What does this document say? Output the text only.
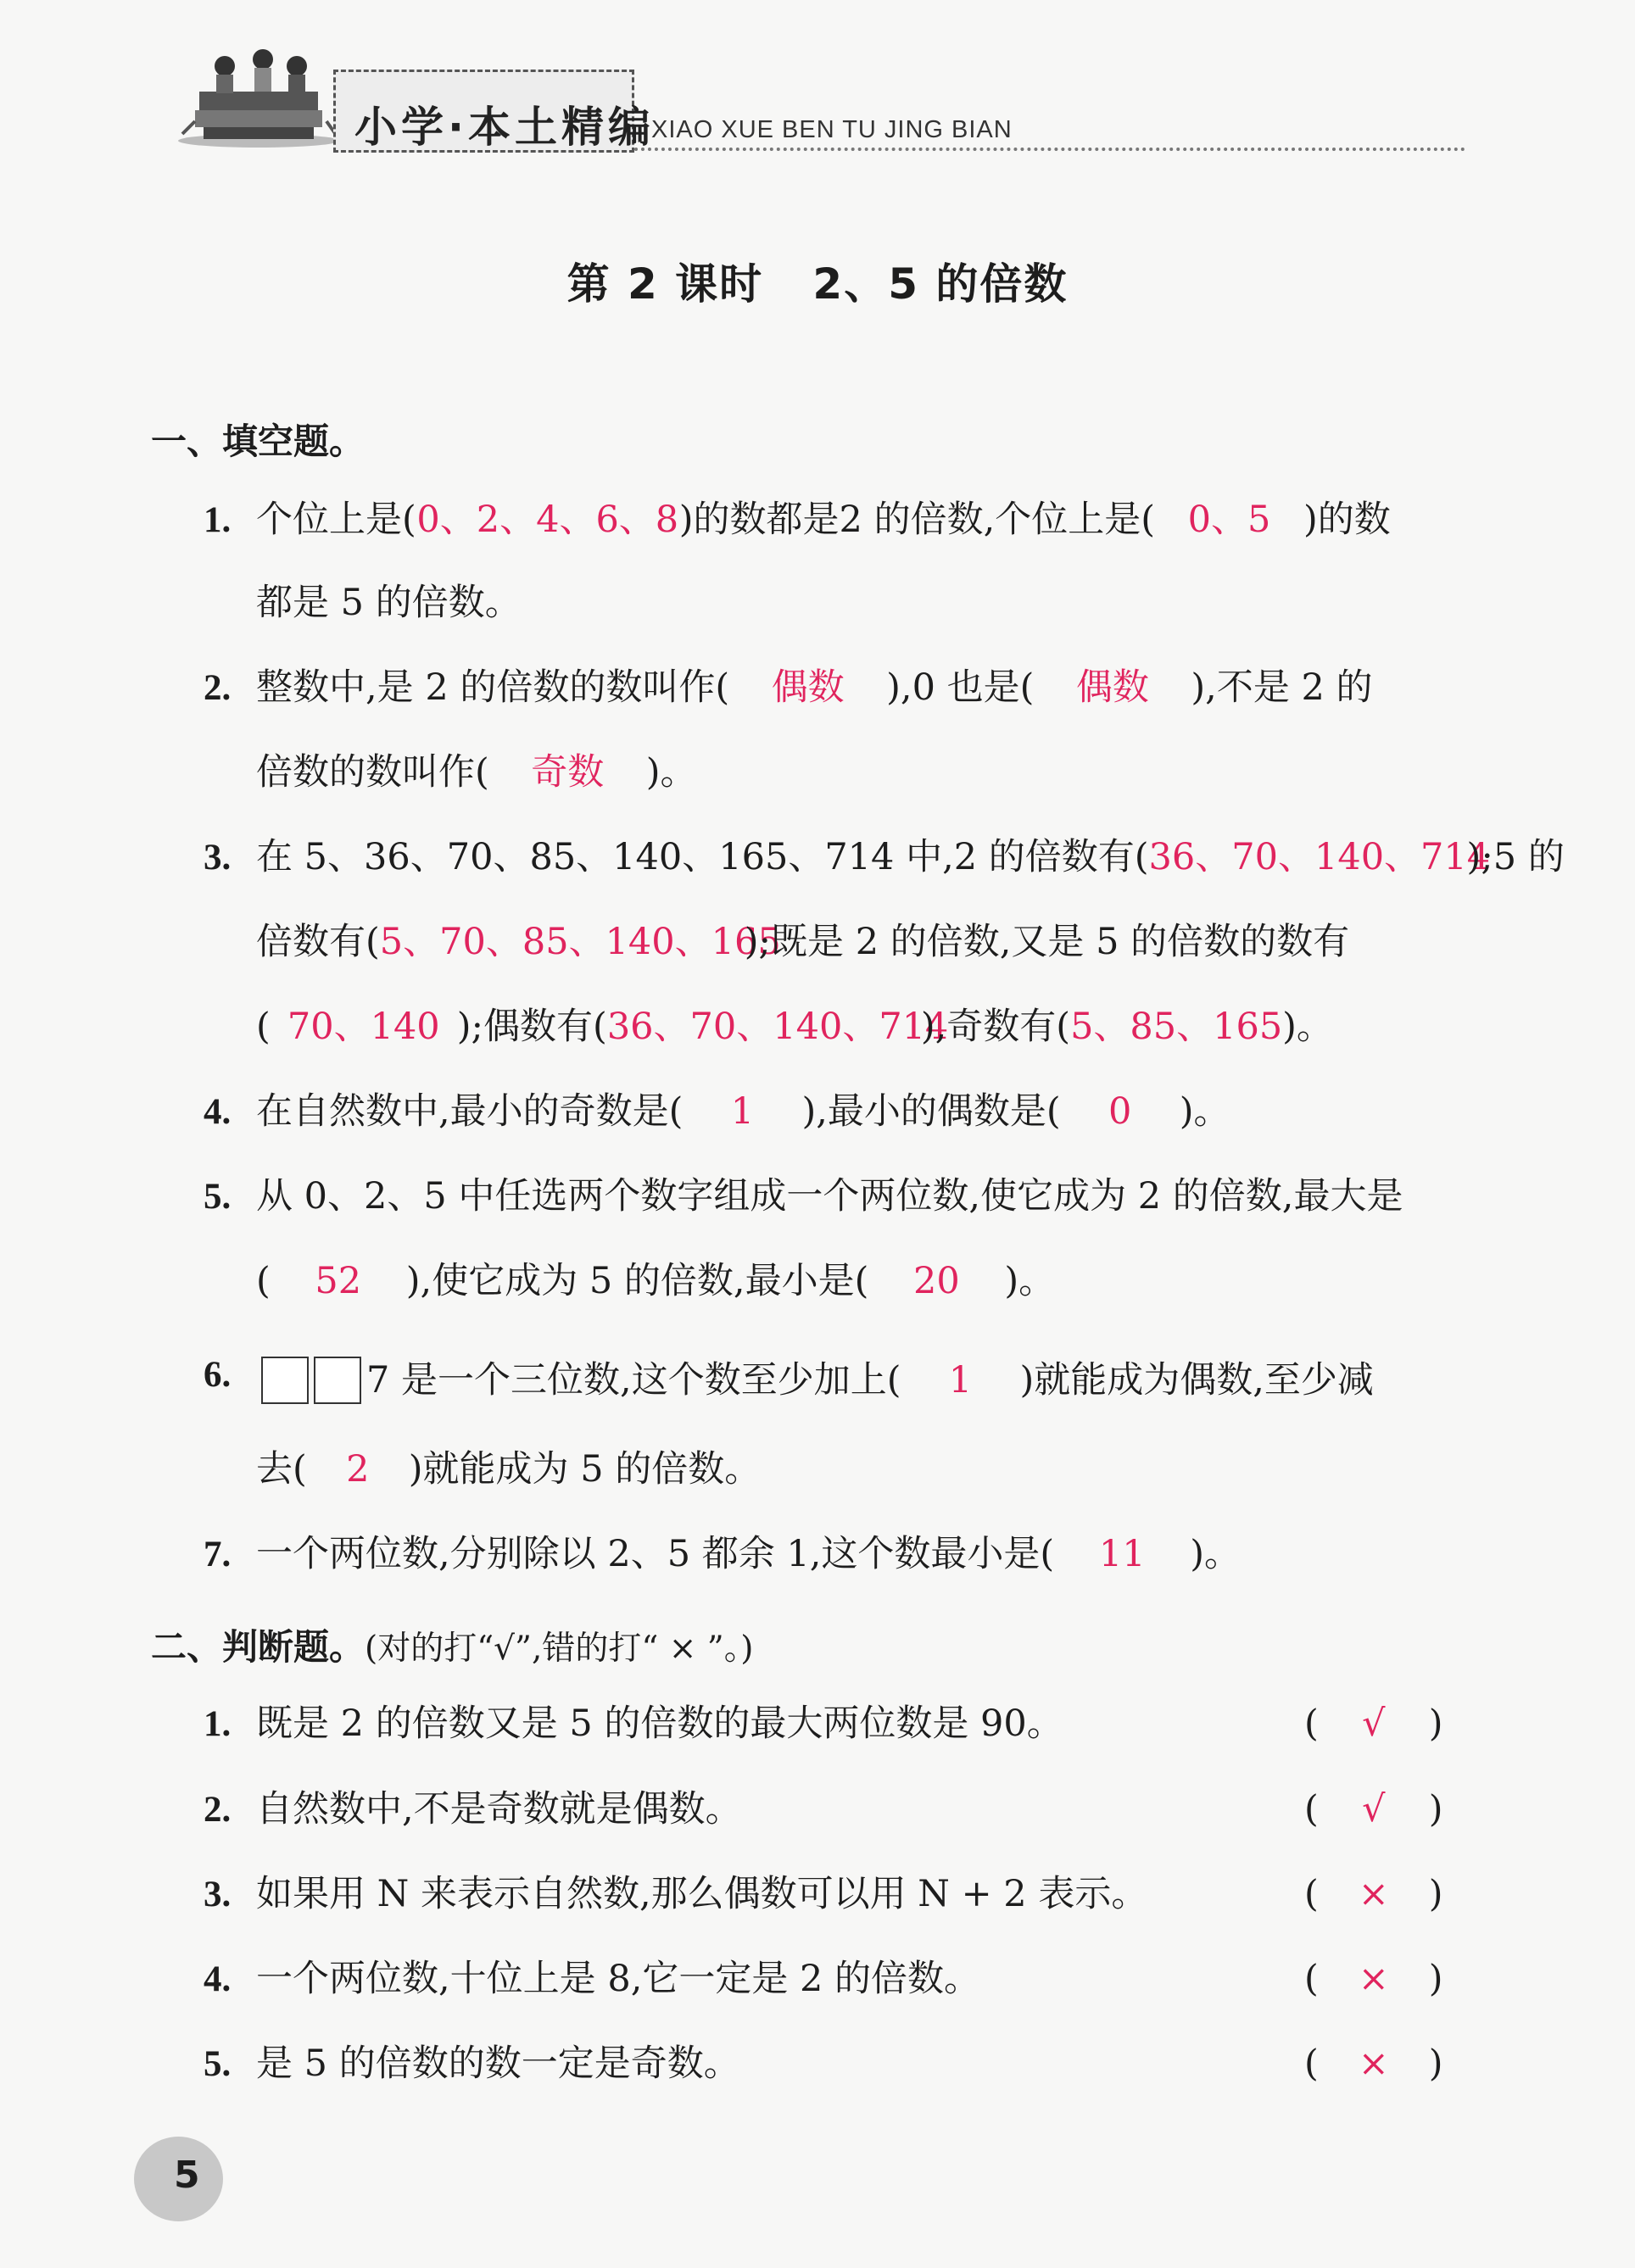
小学·本土精编
XIAO XUE BEN TU JING BIAN
第 2 课时   2、5 的倍数
一、填空题。
1. 个位上是(0、2、4、6、8)的数都是2 的倍数,个位上是( 0、5 )的数
都是 5 的倍数。
2. 整数中,是 2 的倍数的数叫作( 偶数 ),0 也是( 偶数 ),不是 2 的
倍数的数叫作( 奇数 )。
3. 在 5、36、70、85、140、165、714 中,2 的倍数有(36、70、140、714);5 的
倍数有(5、70、85、140、165);既是 2 的倍数,又是 5 的倍数的数有
( 70、140 );偶数有(36、70、140、714),奇数有(5、85、165)。
4. 在自然数中,最小的奇数是( 1 ),最小的偶数是( 0 )。
5. 从 0、2、5 中任选两个数字组成一个两位数,使它成为 2 的倍数,最大是
( 52 ),使它成为 5 的倍数,最小是( 20 )。
6.	7 是一个三位数,这个数至少加上( 1 )就能成为偶数,至少减
去( 2 )就能成为 5 的倍数。
7. 一个两位数,分别除以 2、5 都余 1,这个数最小是( 11 )。
二、判断题。(对的打“√”,错的打“ × ”。)
1. 既是 2 的倍数又是 5 的倍数的最大两位数是 90。	( √ )
2. 自然数中,不是奇数就是偶数。	( √ )
3. 如果用 N 来表示自然数,那么偶数可以用 N + 2 表示。	( × )
4. 一个两位数,十位上是 8,它一定是 2 的倍数。	( × )
5. 是 5 的倍数的数一定是奇数。	( × )
5
